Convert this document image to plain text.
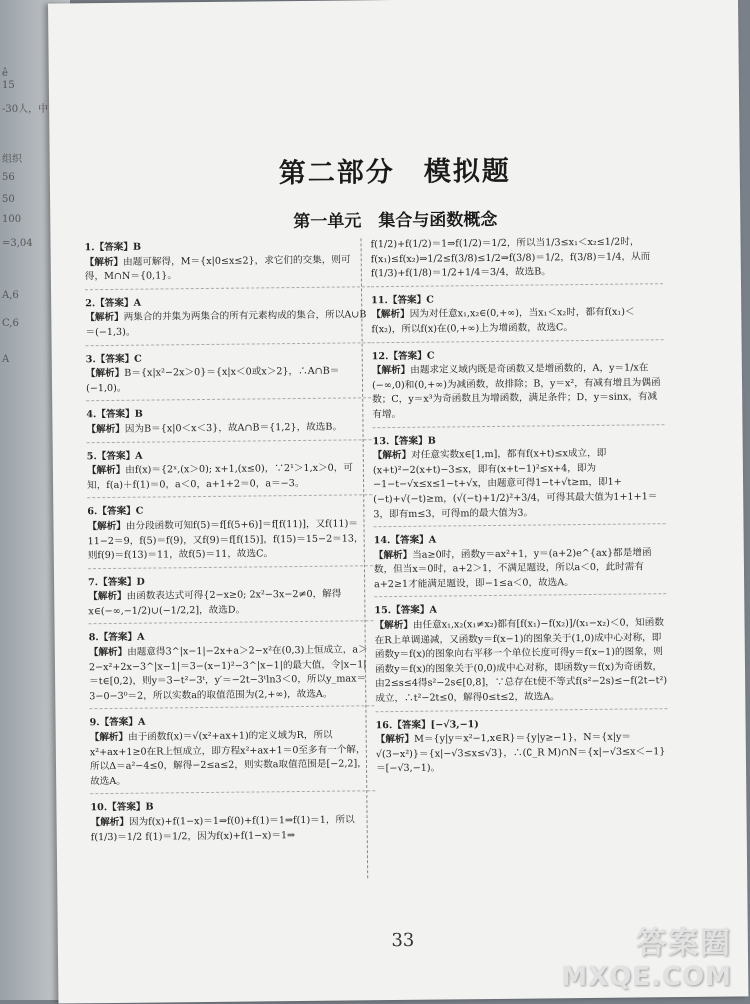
ê
15
-30人，中
组织
56
50
100
=3,04
A,6
C,6
A
第二部分　模拟题
第一单元　集合与函数概念
1.【答案】B
【解析】由题可解得，M＝{x|0≤x≤2}，求它们的交集，则可得，M∩N＝{0,1}。
2.【答案】A
【解析】两集合的并集为两集合的所有元素构成的集合，所以A∪B＝(−1,3)。
3.【答案】C
【解析】B＝{x|x²−2x＞0}＝{x|x＜0或x＞2}，∴A∩B＝(−1,0)。
4.【答案】B
【解析】因为B＝{x|0＜x＜3}，故A∩B＝{1,2}，故选B。
5.【答案】A
【解析】由f(x)＝{2ˣ,(x＞0); x+1,(x≤0)，∵2¹＞1,x＞0，可知，f(a)＋f(1)＝0，a＜0，a+1+2＝0，a＝−3。
6.【答案】C
【解析】由分段函数可知f(5)＝f[f(5+6)]＝f[f(11)]，又f(11)＝11−2＝9，f(5)＝f(9)，又f(9)＝f[f(15)]，f(15)＝15−2＝13，则f(9)＝f(13)＝11，故f(5)＝11，故选C。
7.【答案】D
【解析】由函数表达式可得{2−x≥0; 2x²−3x−2≠0，解得x∈(−∞,−1/2)∪(−1/2,2]，故选D。
8.【答案】A
【解析】由题意得3^|x−1|−2x+a＞2−x²在(0,3)上恒成立，a＞2−x²+2x−3^|x−1|＝3−(x−1)²−3^|x−1|的最大值，令|x−1|＝t∈[0,2)，则y＝3−t²−3ᵗ，y′＝−2t−3ᵗln3＜0，所以y_max＝3−0−3⁰＝2，所以实数a的取值范围为(2,+∞)，故选A。
9.【答案】A
【解析】由于函数f(x)＝√(x²+ax+1)的定义域为R，所以x²+ax+1≥0在R上恒成立，即方程x²+ax+1＝0至多有一个解，所以Δ＝a²−4≤0，解得−2≤a≤2，则实数a取值范围是[−2,2]，故选A。
10.【答案】B
【解析】因为f(x)+f(1−x)＝1⇒f(0)+f(1)＝1⇒f(1)＝1，所以f(1/3)＝1/2 f(1)＝1/2，因为f(x)+f(1−x)＝1⇒
f(1/2)+f(1/2)＝1⇒f(1/2)＝1/2，所以当1/3≤x₁＜x₂≤1/2时，f(x₁)≤f(x₂)⇒1/2≤f(3/8)≤1/2⇒f(3/8)＝1/2，f(3/8)＝1/4，从而f(1/3)+f(1/8)＝1/2+1/4＝3/4，故选B。
11.【答案】C
【解析】因为对任意x₁,x₂∈(0,+∞)，当x₁＜x₂时，都有f(x₁)＜f(x₂)，所以f(x)在(0,+∞)上为增函数，故选C。
12.【答案】C
【解析】由题求定义域内既是奇函数又是增函数的，A，y＝1/x在(−∞,0)和(0,+∞)为减函数，故排除；B，y＝x²，有减有增且为偶函数；C，y＝x³为奇函数且为增函数，满足条件；D，y＝sinx，有减有增。
13.【答案】B
【解析】对任意实数x∈[1,m]，都有f(x+t)≤x成立，即(x+t)²−2(x+t)−3≤x，即有(x+t−1)²≤x+4，即为−1−t−√x≤x≤1−t+√x，由题意可得1−t+√t≥m，即1+(−t)+√(−t)≥m，(√(−t)+1/2)²+3/4，可得其最大值为1+1+1＝3，即有m≤3，可得m的最大值为3。
14.【答案】A
【解析】当a≥0时，函数y＝ax²+1，y＝(a+2)e^{ax}都是增函数，但当x＝0时，a+2＞1，不满足题设，所以a＜0，此时需有a+2≥1才能满足题设，即−1≤a＜0，故选A。
15.【答案】A
【解析】由任意x₁,x₂(x₁≠x₂)都有[f(x₁)−f(x₂)]/(x₁−x₂)＜0，知函数在R上单调递减，又函数y＝f(x−1)的图象关于(1,0)成中心对称，即函数y＝f(x)的图象向右平移一个单位长度可得y＝f(x−1)的图象，则函数y＝f(x)的图象关于(0,0)成中心对称，即函数y＝f(x)为奇函数，由2≤s≤4得s²−2s∈[0,8]，∵总存在t使不等式f(s²−2s)≤−f(2t−t²)成立，∴t²−2t≤0，解得0≤t≤2，故选A。
16.【答案】[−√3,−1)
【解析】M＝{y|y＝x²−1,x∈R}＝{y|y≥−1}，N＝{x|y＝√(3−x²)}＝{x|−√3≤x≤√3}，∴(∁_R M)∩N＝{x|−√3≤x＜−1}＝[−√3,−1)。
33	答案圈
MXQE.COM
